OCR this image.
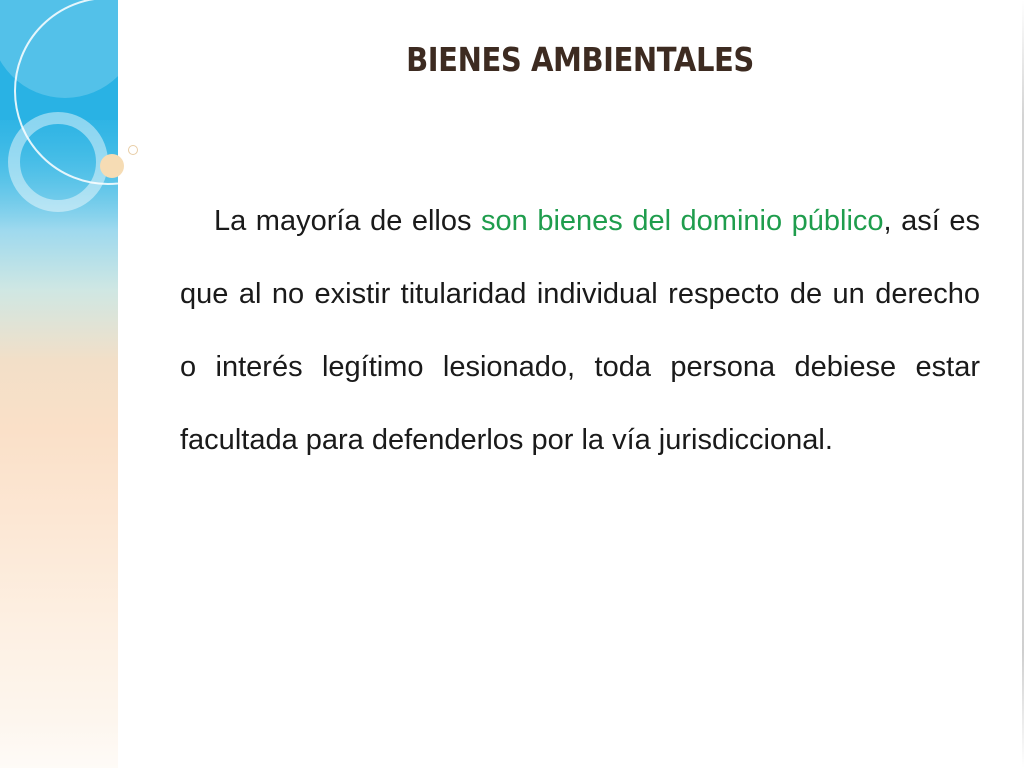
BIENES AMBIENTALES
La mayoría de ellos son bienes del dominio público, así es que al no existir titularidad individual respecto de un derecho o interés legítimo lesionado, toda persona debiese estar facultada para defenderlos por la vía jurisdiccional.
